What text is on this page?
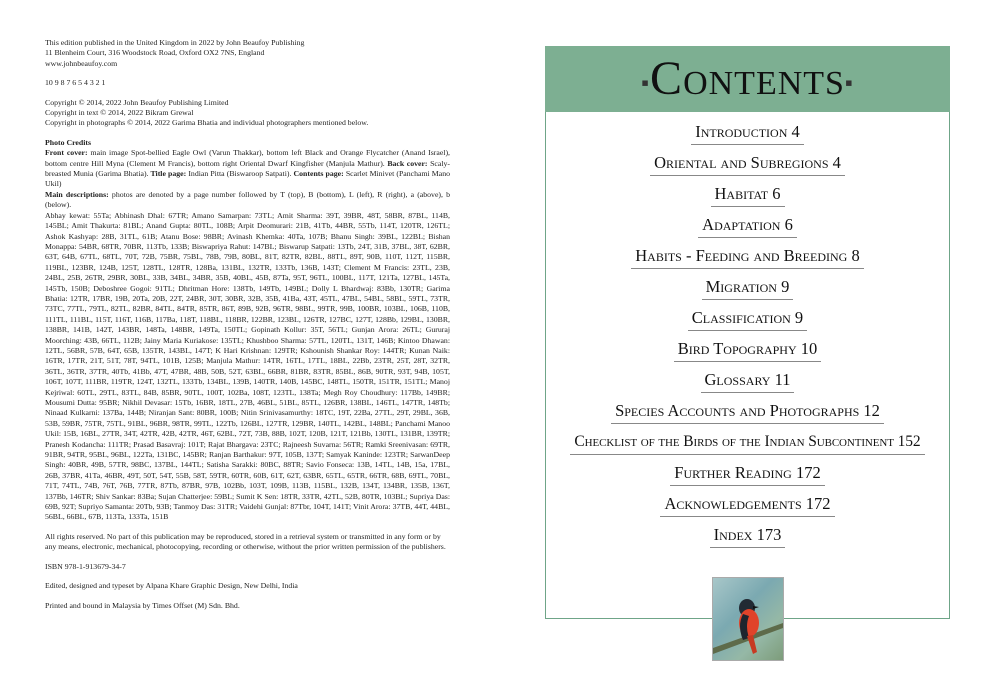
This edition published in the United Kingdom in 2022 by John Beaufoy Publishing

11 Blenheim Court, 316 Woodstock Road, Oxford OX2 7NS, England

www.johnbeaufoy.com

10 9 8 7 6 5 4 3 2 1

Copyright © 2014, 2022 John Beaufoy Publishing Limited

Copyright in text © 2014, 2022 Bikram Grewal

Copyright in photographs © 2014, 2022 Garima Bhatia and individual photographers mentioned below.

Photo Credits

Front cover: main image Spot-bellied Eagle Owl (Varun Thakkar), bottom left Black and Orange Flycatcher (Anand Israel), bottom centre Hill Myna (Clement M Francis), bottom right Oriental Dwarf Kingfisher (Manjula Mathur). Back cover: Scaly-breasted Munia (Garima Bhatia). Title page: Indian Pitta (Biswaroop Satpati). Contents page: Scarlet Minivet (Panchami Mano Ukil)

Main descriptions: photos are denoted by a page number followed by T (top), B (bottom), L (left), R (right), a (above), b (below).

Abhay kewat: 55Ta; Abhinash Dhal: 67TR; Amano Samarpan: 73TL; Amit Sharma: 39T, 39BR, 48T, 58BR, 87BL, 114B, 145BL; Amit Thakurta: 81BL; Anand Gupta: 80TL, 108B; Arpit Deomurari: 21B, 41Tb, 44BR, 55Tb, 114T, 120TR, 126TL; Ashok Kashyap: 28B, 31TL, 61B; Atanu Bose: 98BR; Avinash Khemka: 40Ta, 107B; Bhanu Singh: 39BL, 122BL; Bishan Monappa: 54BR, 68TR, 70BR, 113Tb, 133B; Biswapriya Rahut: 147BL; Biswarup Satpati: 13Tb, 24T, 31B, 37BL, 38T, 62BR, 63T, 64B, 67TL, 68TL, 70T, 72B, 75BR, 75BL, 78B, 79B, 80BL, 81T, 82TR, 82BL, 88TL, 89T, 90B, 110T, 112T, 115BR, 119BL, 123BR, 124B, 125T, 128TL, 128TR, 128Ba, 131BL, 132TR, 133Tb, 136B, 143T; Clement M Francis: 23TL, 23B, 24BL, 25B, 26TR, 29BR, 30BL, 33B, 34BL, 34BR, 35B, 40BL, 45B, 87Ta, 95T, 96TL, 100BL, 117T, 121Ta, 127BL, 145Ta, 145Tb, 150B; Deboshree Gogoi: 91TL; Dhritman Hore: 138Tb, 149Tb, 149BL; Dolly L Bhardwaj: 83Bb, 130TR; Garima Bhatia: 12TR, 17BR, 19B, 20Ta, 20B, 22T, 24BR, 30T, 30BR, 32B, 35B, 41Ba, 43T, 45TL, 47BL, 54BL, 58BL, 59TL, 73TR, 73TC, 77TL, 79TL, 82TL, 82BR, 84TL, 84TR, 85TR, 86T, 89B, 92B, 96TR, 98BL, 99TR, 99B, 100BR, 103BL, 106B, 110B, 111TL, 111BL, 115T, 116T, 116B, 117Ba, 118T, 118BL, 118BR, 122BR, 123BL, 126TR, 127BC, 127T, 128Bb, 129BL, 130BR, 138BR, 141B, 142T, 143BR, 148Ta, 148BR, 149Ta, 150TL; Gopinath Kollur: 35T, 56TL; Gunjan Arora: 26TL; Gururaj Moorching: 43B, 66TL, 112B; Jainy Maria Kuriakose: 135TL; Khushboo Sharma: 57TL, 120TL, 131T, 146B; Kintoo Dhawan: 12TL, 56BR, 57B, 64T, 65B, 135TR, 143BL, 147T; K Hari Krishnan: 129TR; Kshounish Shankar Roy: 144TR; Kunan Naik: 16TR, 17TR, 21T, 51T, 78T, 94TL, 101B, 125B; Manjula Mathur: 14TR, 16TL, 17TL, 18BL, 22Bb, 23TR, 25T, 28T, 32TR, 36TL, 36TR, 37TR, 40Tb, 41Bb, 47T, 47BR, 48B, 50B, 52T, 63BL, 66BR, 81BR, 83TR, 85BL, 86B, 90TR, 93T, 94B, 105T, 106T, 107T, 111BR, 119TR, 124T, 132TL, 133Tb, 134BL, 139B, 140TR, 140B, 145BC, 148TL, 150TR, 151TR, 151TL; Manoj Kejriwal: 60TL, 29TL, 83TL, 84B, 85BR, 90TL, 100T, 102Ba, 108T, 123TL, 138Ta; Megh Roy Choudhury: 117Bb, 149BR; Mousumi Dutta: 95BR; Nikhil Devasar: 15Tb, 16BR, 18TL, 27B, 46BL, 51BL, 85TL, 126BR, 138BL, 146TL, 147TR, 148Tb; Ninaad Kulkarni: 137Ba, 144B; Niranjan Sant: 80BR, 100B; Nitin Srinivasamurthy: 18TC, 19T, 22Ba, 27TL, 29T, 29BL, 36B, 53B, 59BR, 75TR, 75TL, 91BL, 96BR, 98TR, 99TL, 122Tb, 126BL, 127TR, 129BR, 140TL, 142BL, 148BL; Panchami Manoo Ukil: 15B, 16BL, 27TR, 34T, 42TR, 42B, 42TR, 46T, 62BL, 72T, 73B, 88B, 102T, 120B, 121T, 121Bb, 130TL, 131BR, 139TR; Pranesh Kodancha: 111TR; Prasad Basavraj: 101T; Rajat Bhargava: 23TC; Rajneesh Suvarna: 56TR; Ramki Sreenivasan: 69TR, 91BR, 94TR, 95BL, 96BL, 122Ta, 131BC, 145BR; Ranjan Barthakur: 97T, 105B, 137T; Samyak Kaninde: 123TR; SarwanDeep Singh: 40BR, 49B, 57TR, 98BC, 137BL, 144TL; Satisha Sarakki: 80BC, 88TR; Savio Fonseca: 13B, 14TL, 14B, 15a, 17BL, 26B, 37BR, 41Ta, 46BR, 49T, 50T, 54T, 55B, 58T, 59TR, 60TR, 60B, 61T, 62T, 63BR, 65TL, 65TR, 66TR, 68B, 69TL, 70BL, 71T, 74TL, 74B, 76T, 76B, 77TR, 87Tb, 87BR, 97B, 102Bb, 103T, 109B, 113B, 115BL, 132B, 134T, 134BR, 135B, 136T, 137Bb, 146TR; Shiv Sankar: 83Ba; Sujan Chatterjee: 59BL; Sumit K Sen: 18TR, 33TR, 42TL, 52B, 80TR, 103BL; Supriya Das: 69B, 92T; Supriyo Samanta: 20Tb, 93B; Tanmoy Das: 31TR; Vaidehi Gunjal: 87Tbr, 104T, 141T; Vinit Arora: 37TB, 44T, 44BL, 56BL, 66BL, 67B, 113Ta, 133Ta, 151B

All rights reserved. No part of this publication may be reproduced, stored in a retrieval system or transmitted in any form or by any means, electronic, mechanical, photocopying, recording or otherwise, without the prior written permission of the publishers.

ISBN 978-1-913679-34-7

Edited, designed and typeset by Alpana Khare Graphic Design, New Delhi, India

Printed and bound in Malaysia by Times Offset (M) Sdn. Bhd.

▪Contents▪
Introduction 4
Oriental and Subregions 4
Habitat 6
Adaptation 6
Habits - Feeding and Breeding 8
Migration 9
Classification 9
Bird Topography 10
Glossary 11
Species Accounts and Photographs 12
Checklist of the Birds of the Indian Subcontinent 152
Further Reading 172
Acknowledgements 172
Index 173
